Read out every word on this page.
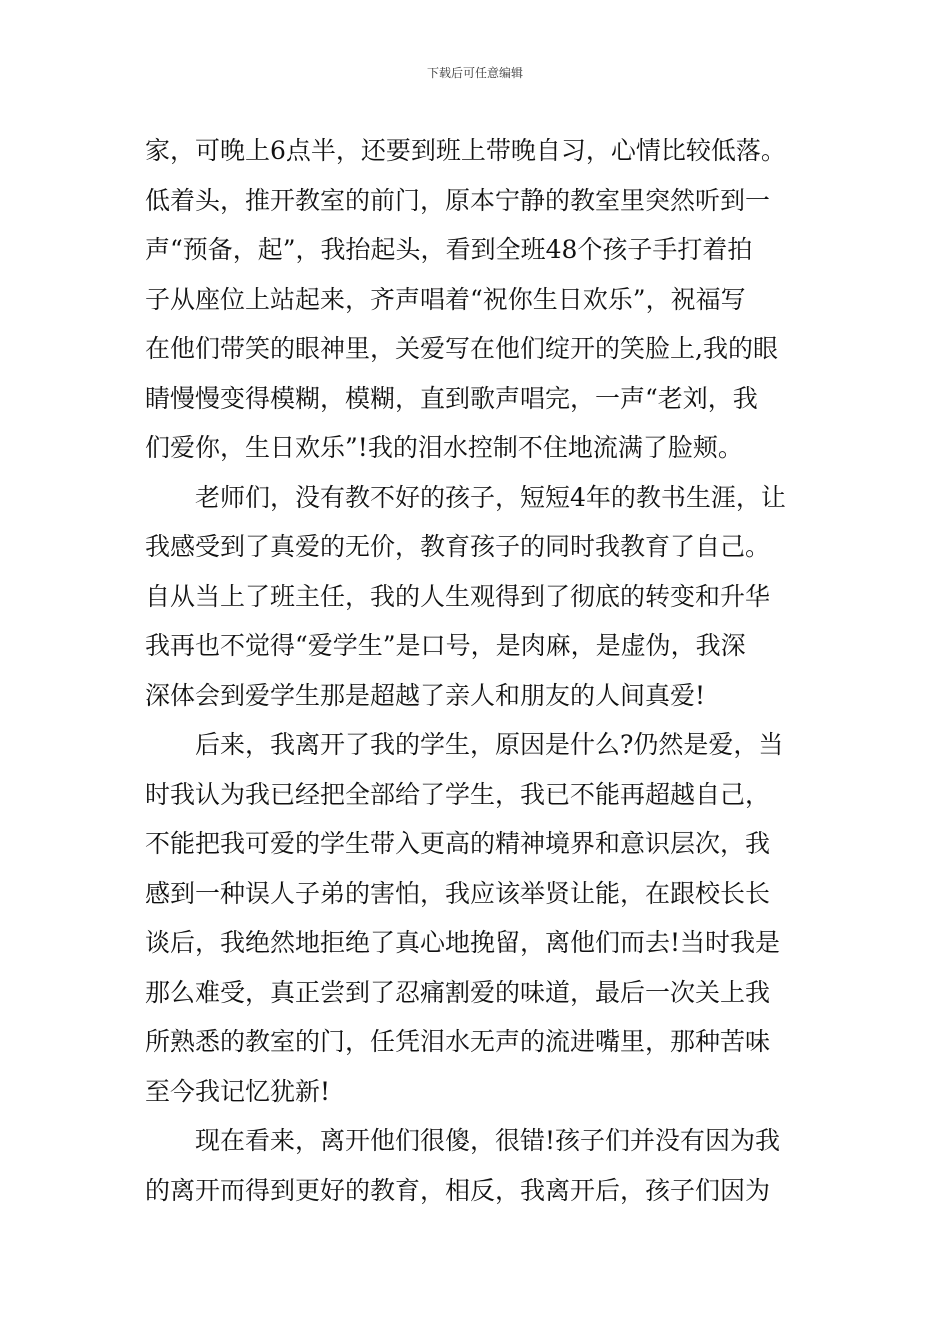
下载后可任意编辑
家，可晚上6点半，还要到班上带晚自习，心情比较低落。
低着头，推开教室的前门，原本宁静的教室里突然听到一
声“预备，起”，我抬起头，看到全班48个孩子手打着拍
子从座位上站起来，齐声唱着“祝你生日欢乐”，祝福写
在他们带笑的眼神里，关爱写在他们绽开的笑脸上,我的眼
睛慢慢变得模糊，模糊，直到歌声唱完，一声“老刘，我
们爱你，生日欢乐”!我的泪水控制不住地流满了脸颊。
老师们，没有教不好的孩子，短短4年的教书生涯，让
我感受到了真爱的无价，教育孩子的同时我教育了自己。
自从当上了班主任，我的人生观得到了彻底的转变和升华
我再也不觉得“爱学生”是口号，是肉麻，是虚伪，我深
深体会到爱学生那是超越了亲人和朋友的人间真爱!
后来，我离开了我的学生，原因是什么?仍然是爱，当
时我认为我已经把全部给了学生，我已不能再超越自己，
不能把我可爱的学生带入更高的精神境界和意识层次，我
感到一种误人子弟的害怕，我应该举贤让能，在跟校长长
谈后，我绝然地拒绝了真心地挽留，离他们而去!当时我是
那么难受，真正尝到了忍痛割爱的味道，最后一次关上我
所熟悉的教室的门，任凭泪水无声的流进嘴里，那种苦味
至今我记忆犹新!
现在看来，离开他们很傻，很错!孩子们并没有因为我
的离开而得到更好的教育，相反，我离开后，孩子们因为
